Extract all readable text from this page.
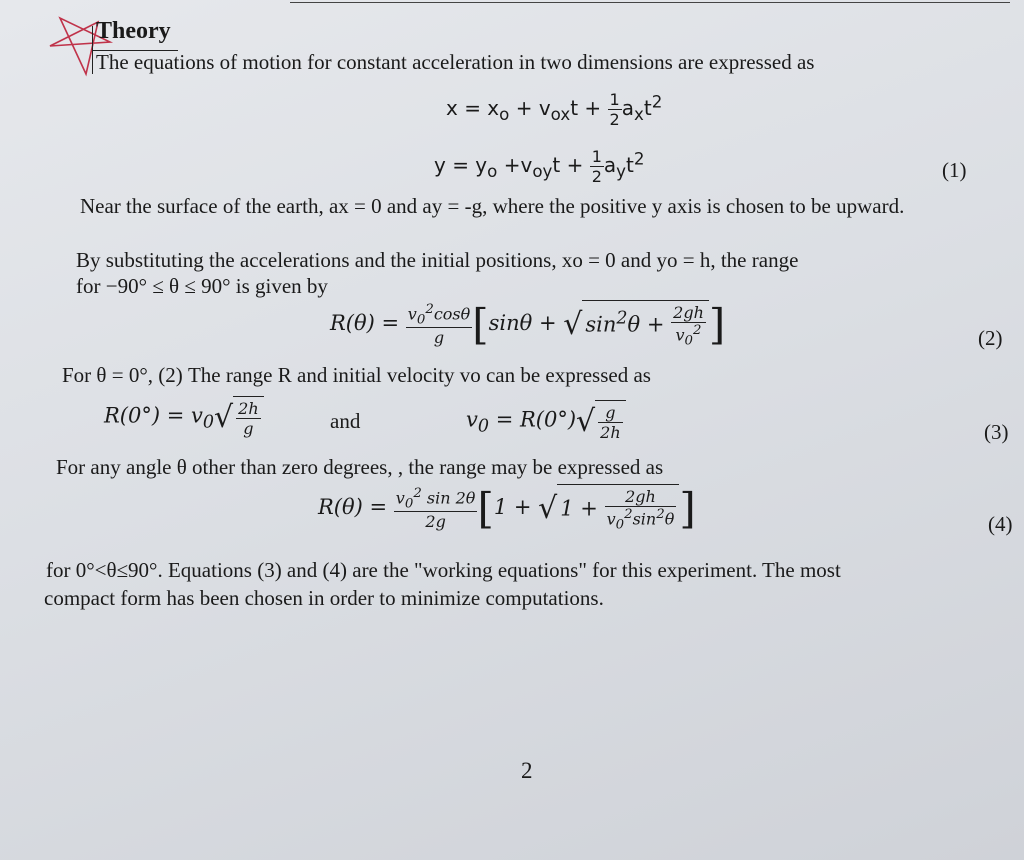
Theory
The equations of motion for constant acceleration in two dimensions are expressed as
$x = x_o + v_{ox}t + \frac{1}{2} a_xt^2$
$y = y_o +v_{oy}t + \frac{1}{2} a_yt^2$	(1)
Near the surface of the earth, ax = 0 and ay = -g, where the positive y axis is chosen to be upward.
By substituting the accelerations and the initial positions, xo = 0 and yo = h, the range
for −90° ≤ θ ≤ 90° is given by
$R(\theta) = \frac{v_0^2\cos\theta}{g} [\sin\theta$ + √ $\sin^2\theta + \frac{2gh}{v_0^2}$ ]	(2)
For θ = 0°, (2) The range R and initial velocity vo can be expressed as
$R(0^\circ) = v_0√ \frac{2h}{g}$	and	$v_0 = R(0^\circ)√ \frac{g}{2h}$	(3)
For any angle θ other than zero degrees, , the range may be expressed as
$R(\theta) = \frac{v_0^2 \sin 2\theta}{2g} [1$ + √ $1 + \frac{2gh}{v_0^2\sin^2\theta}$ ]	(4)
for 0°<θ≤90°. Equations (3) and (4) are the "working equations" for this experiment. The most
compact form has been chosen in order to minimize computations.
2
